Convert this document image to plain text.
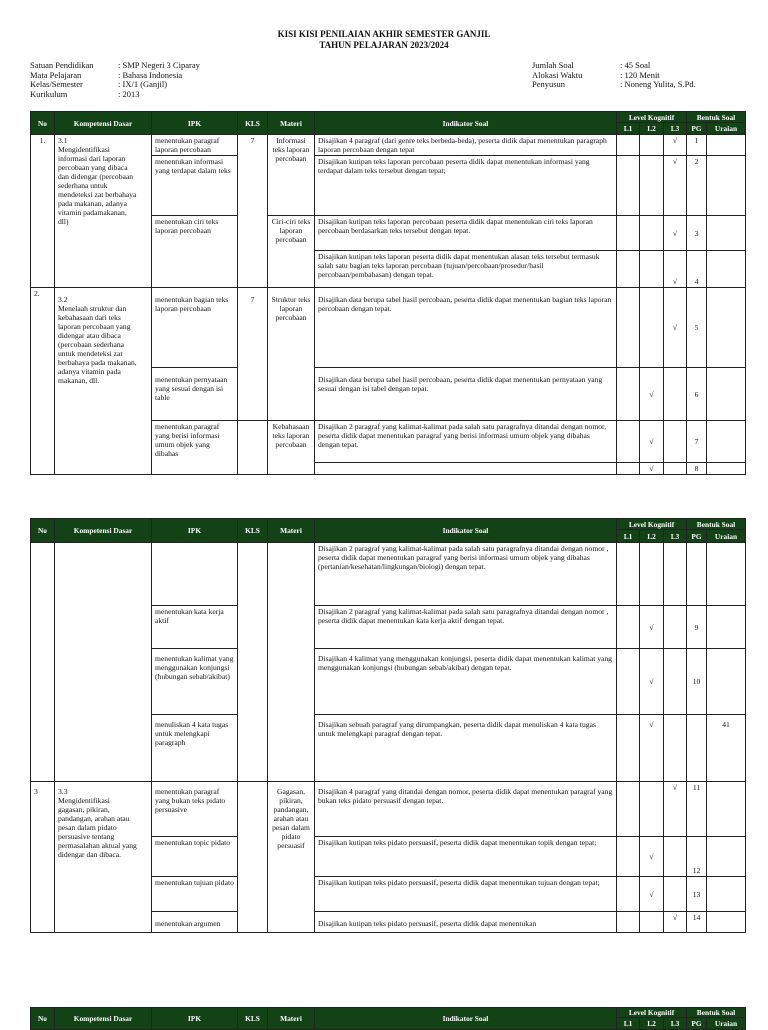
KISI KISI PENILAIAN AKHIR SEMESTER GANJIL
TAHUN PELAJARAN 2023/2024
Satuan Pendidikan	: SMP Negeri 3 Ciparay
Mata Pelajaran	: Bahasa Indonesia
Kelas/Semester	: IX/1 (Ganjil)
Kurikulum	: 2013
Jumlah Soal	: 45 Soal
Alokasi Waktu	: 120 Menit
Penyusun	: Noneng Yulita, S.Pd.
No	Kompetensi Dasar	IPK	KLS	Materi	Indikator Soal	Level Kognitif			Bentuk Soal	
						L1	L2	L3	PG	Uraian
1.	3.1Mengidentifikasi informasi dari laporan percobaan yang dibaca dan didengar (percobaan sederhana untuk mendeteksi zat berbahaya pada makanan, adanya vitamin padamakanan, dll)	menentukan paragraf laporan percobaan	7	Informasi teks laporan percobaan	Disajikan 4 paragraf (dari genre teks berbeda-beda), peserta didik dapat menentukan paragraph laporan percobaan dengan tepat			√	1	
		menentukan informasi yang terdapat dalam teks			Disajikan kutipan teks laporan percobaan peserta didik dapat menentukan informasi yang terdapat dalam teks tersebut dengan tepat;			√	2	
		menentukan ciri teks laporan percobaan		Ciri-ciri teks laporan percobaan	Disajikan kutipan teks laporan percobaan peserta didik dapat menentukan ciri teks laporan percobaan berdasarkan teks tersebut dengan tepat.			√	3	
					Disajikan kutipan teks laporan peserta didik dapat menentukan alasan teks tersebut termasuk salah satu bagian teks laporan percobaan (tujuan/percobaan/prosedur/hasil percobaan/pembahasan) dengan tepat.			√	4	
2.	3.2Menelaah struktur dan kebahasaan dari teks laporan percobaan yang didengar atau dibaca (percobaan sederhana untuk mendeteksi zat berbahaya pada makanan, adanya vitamin pada makanan, dll.	menentukan bagian teks laporan percobaan	7	Struktur teks laporan percobaan	Disajikan data berupa tabel hasil percobaan, peserta didik dapat menentukan bagian teks laporan percobaan dengan tepat.			√	5	

menentukan pernyataan yang sesuai dengan isi table			Disajikan data berupa tabel hasil percobaan, peserta didik dapat menentukan pernyataan yang sesuai dengan isi tabel dengan tepat.		√		6	
		menentukan paragraf yang berisi informasi umum objek yang dibahas		Kebahasaan teks laporan percobaan	Disajikan 2 paragraf yang kalimat-kalimat pada salah satu paragrafnya ditandai dengan nomor, peserta didik dapat menentukan paragraf yang berisi informasi umum objek yang dibahas dengan tepat.		√		7	
							√		8	
No	Kompetensi Dasar	IPK	KLS	Materi	Indikator Soal	Level Kognitif			Bentuk Soal	
						L1	L2	L3	PG	Uraian
					Disajikan 2 paragraf yang kalimat-kalimat pada salah satu paragrafnya ditandai dengan nomor , peserta didik dapat menentukan paragraf yang berisi informasi umum objek yang dibahas (pertanian/kesehatan/lingkungan/biologi) dengan tepat.					
		menentukan kata kerja aktif			Disajikan 2 paragraf yang kalimat-kalimat pada salah satu paragrafnya ditandai dengan nomor , peserta didik dapat menentukan kata kerja aktif dengan tepat.		√		9	

menentukan kalimat yang menggunakan konjungsi (hubungan sebab/akibat)			Disajikan 4 kalimat yang menggunakan konjungsi, peserta didik dapat menentukan kalimat yang menggunakan konjungsi (hubungan sebab/akibat) dengan tepat.		√		10	

menuliskan 4 kata tugas untuk melengkapi paragraph			Disajikan sebuah paragraf yang dirumpangkan, peserta didik dapat menuliskan 4 kata tugas untuk melengkapi paragraf dengan tepat.		√			41

3	3.3Mengidentifikasi gagasan, pikiran, pandangan, arahan atau pesan dalam pidato persuasive tentang permasalahan aktual yang didengar dan dibaca.	menentukan paragraf yang bukan teks pidato persuasive		Gagasan, pikiran, pandangan, arahan atau pesan dalam pidato persuasif	Disajikan 4 paragraf yang ditandai dengan nomor, peserta didik dapat menentukan paragraf yang bukan teks pidato persuasif dengan tepat.			√	11	
		menentukan topic pidato			Disajikan kutipan teks pidato persuasif, peserta didik dapat menentukan topik dengan tepat;		√		12	
		menentukan tujuan pidato			Disajikan kutipan teks pidato persuasif, peserta didik dapat menentukan tujuan dengan tepat;		√		13	

menentukan argumen			Disajikan kutipan teks pidato persuasif, peserta didik dapat menentukan			√	14	
No	Kompetensi Dasar	IPK	KLS	Materi	Indikator Soal	Level Kognitif			Bentuk Soal	
						L1	L2	L3	PG	Uraian
